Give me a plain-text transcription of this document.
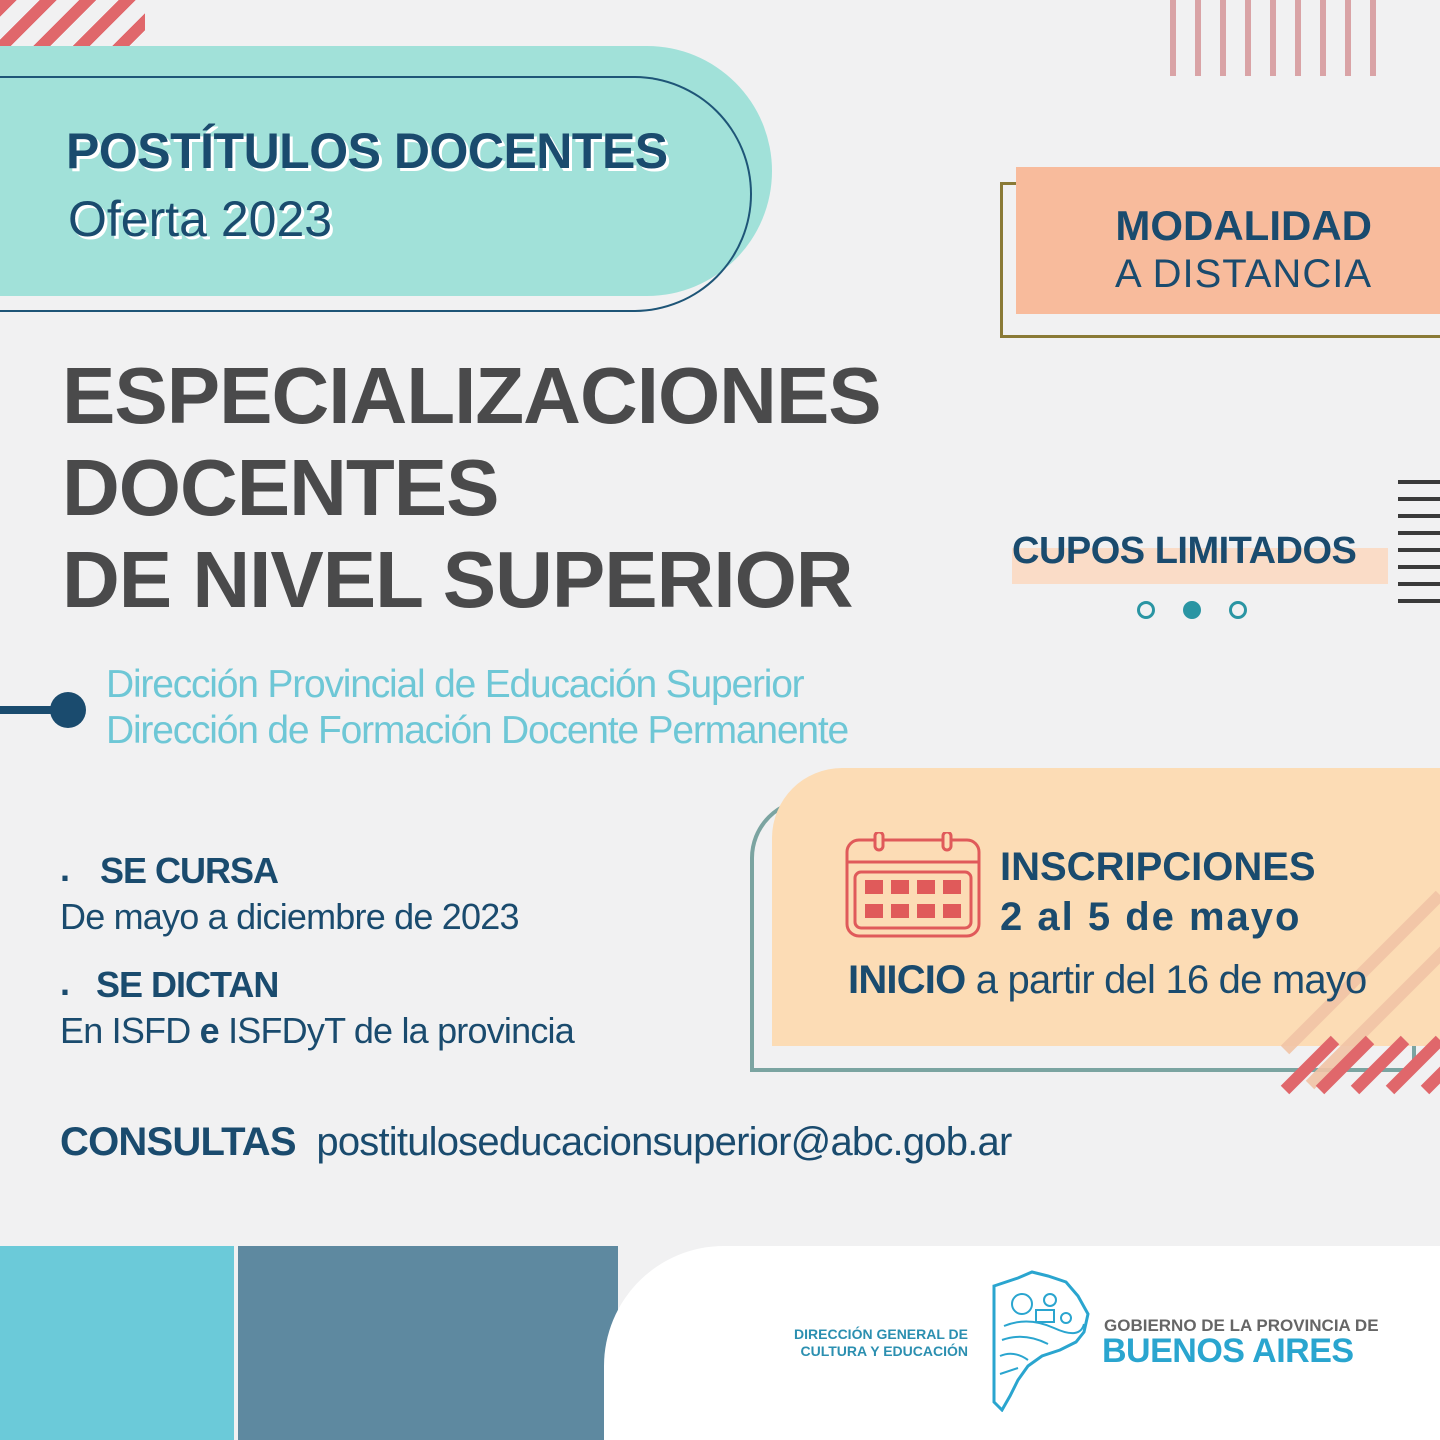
POSTÍTULOS DOCENTES
Oferta 2023	MODALIDAD
A DISTANCIA
ESPECIALIZACIONES
DOCENTES
DE NIVEL SUPERIOR	CUPOS LIMITADOS
Dirección Provincial de Educación Superior
Dirección de Formación Docente Permanente
. SE CURSA
De mayo a diciembre de 2023
. SE DICTAN
En ISFD e ISFDyT de la provincia
INSCRIPCIONES
2 al 5 de mayo
INICIO a partir del 16 de mayo
CONSULTAS postituloseducacionsuperior@abc.gob.ar
DIRECCIÓN GENERAL DE
CULTURA Y EDUCACIÓN
GOBIERNO DE LA PROVINCIA DE
BUENOS AIRES
